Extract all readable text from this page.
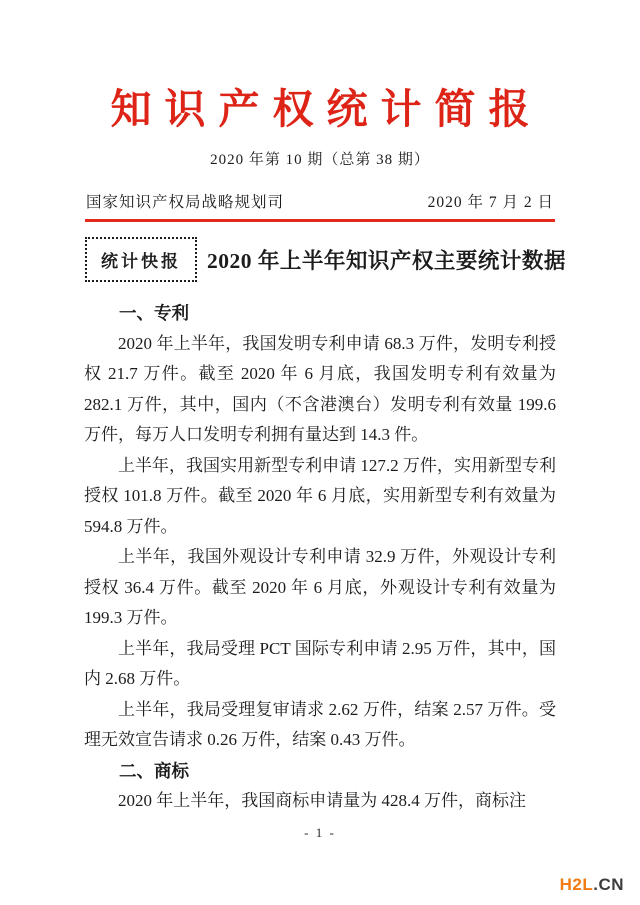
知识产权统计简报
2020 年第 10 期（总第 38 期）
国家知识产权局战略规划司	2020 年 7 月 2 日
统计快报	2020 年上半年知识产权主要统计数据
一、专利

2020 年上半年，我国发明专利申请 68.3 万件，发明专利授权 21.7 万件。截至 2020 年 6 月底，我国发明专利有效量为 282.1 万件，其中，国内（不含港澳台）发明专利有效量 199.6 万件，每万人口发明专利拥有量达到 14.3 件。

上半年，我国实用新型专利申请 127.2 万件，实用新型专利授权 101.8 万件。截至 2020 年 6 月底，实用新型专利有效量为 594.8 万件。

上半年，我国外观设计专利申请 32.9 万件，外观设计专利授权 36.4 万件。截至 2020 年 6 月底，外观设计专利有效量为 199.3 万件。

上半年，我局受理 PCT 国际专利申请 2.95 万件，其中，国内 2.68 万件。

上半年，我局受理复审请求 2.62 万件，结案 2.57 万件。受理无效宣告请求 0.26 万件，结案 0.43 万件。

二、商标

2020 年上半年，我国商标申请量为 428.4 万件，商标注

- 1 -
H2L.CN
